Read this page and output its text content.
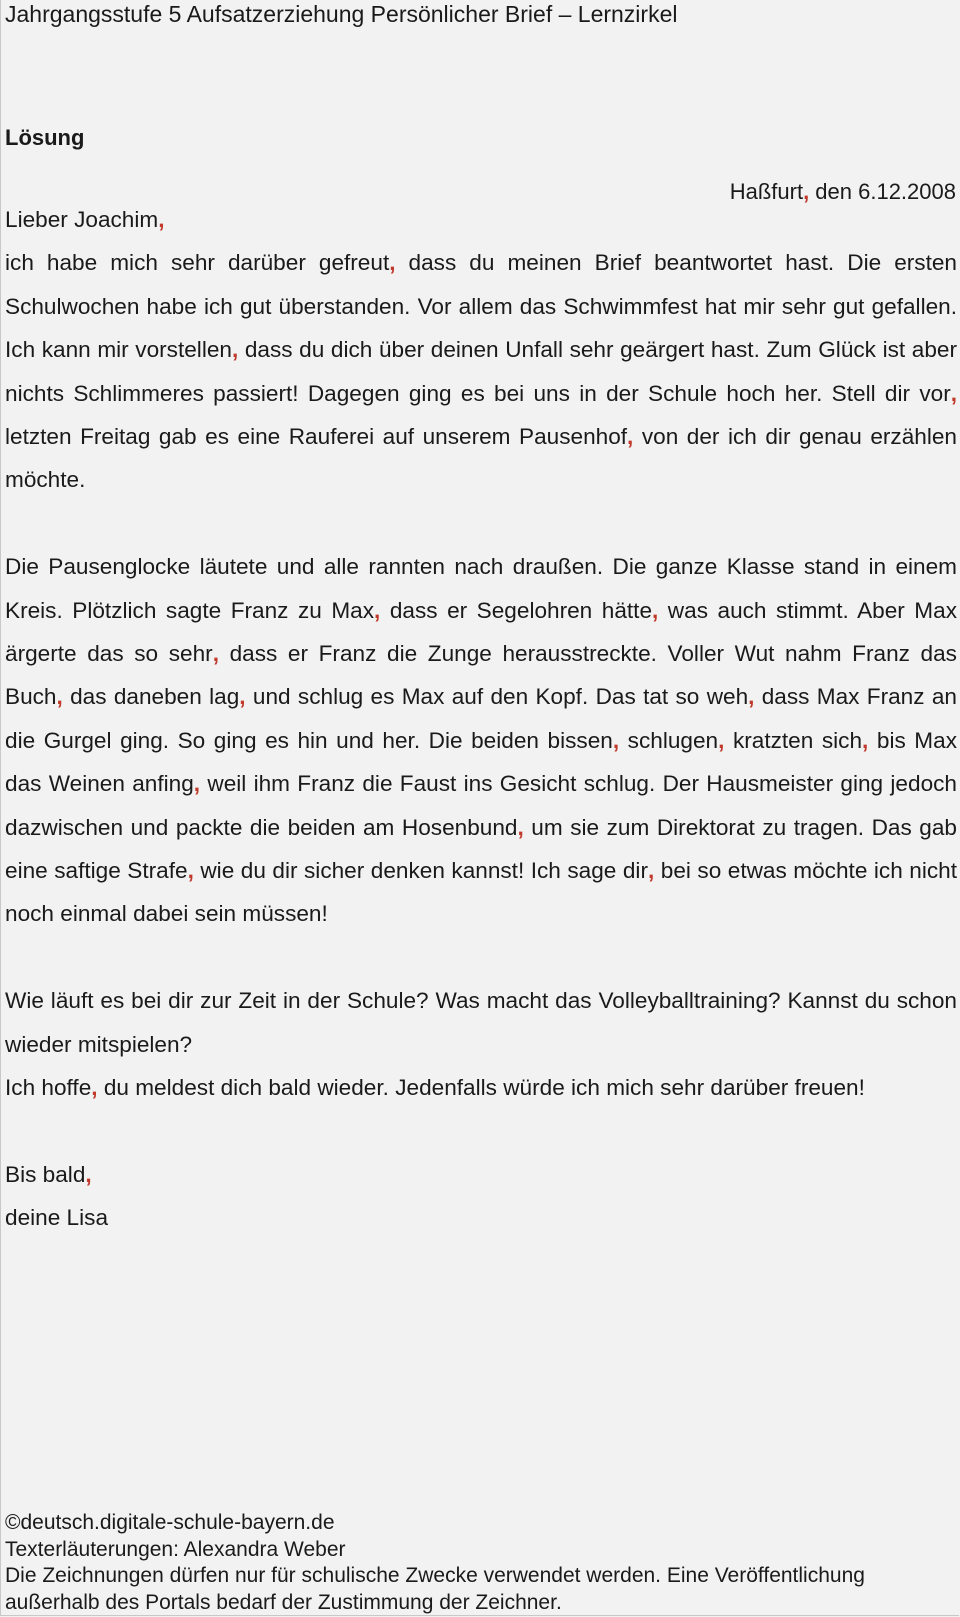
Jahrgangsstufe 5 Aufsatzerziehung Persönlicher Brief – Lernzirkel
Lösung
Haßfurt, den 6.12.2008

Lieber Joachim,

ich habe mich sehr darüber gefreut, dass du meinen Brief beantwortet hast. Die ersten Schulwochen habe ich gut überstanden. Vor allem das Schwimmfest hat mir sehr gut gefallen. Ich kann mir vorstellen, dass du dich über deinen Unfall sehr geärgert hast. Zum Glück ist aber nichts Schlimmeres passiert! Dagegen ging es bei uns in der Schule hoch her. Stell dir vor, letzten Freitag gab es eine Rauferei auf unserem Pausenhof, von der ich dir genau erzählen möchte.

Die Pausenglocke läutete und alle rannten nach draußen. Die ganze Klasse stand in einem Kreis. Plötzlich sagte Franz zu Max, dass er Segelohren hätte, was auch stimmt. Aber Max ärgerte das so sehr, dass er Franz die Zunge herausstreckte. Voller Wut nahm Franz das Buch, das daneben lag, und schlug es Max auf den Kopf. Das tat so weh, dass Max Franz an die Gurgel ging. So ging es hin und her. Die beiden bissen, schlugen, kratzten sich, bis Max das Weinen anfing, weil ihm Franz die Faust ins Gesicht schlug. Der Hausmeister ging jedoch dazwischen und packte die beiden am Hosenbund, um sie zum Direktorat zu tragen. Das gab eine saftige Strafe, wie du dir sicher denken kannst! Ich sage dir, bei so etwas möchte ich nicht noch einmal dabei sein müssen!

Wie läuft es bei dir zur Zeit in der Schule? Was macht das Volleyballtraining? Kannst du schon wieder mitspielen?

Ich hoffe, du meldest dich bald wieder. Jedenfalls würde ich mich sehr darüber freuen!

Bis bald,

deine Lisa

©deutsch.digitale-schule-bayern.de
Texterläuterungen: Alexandra Weber
Die Zeichnungen dürfen nur für schulische Zwecke verwendet werden. Eine Veröffentlichung
außerhalb des Portals bedarf der Zustimmung der Zeichner.
